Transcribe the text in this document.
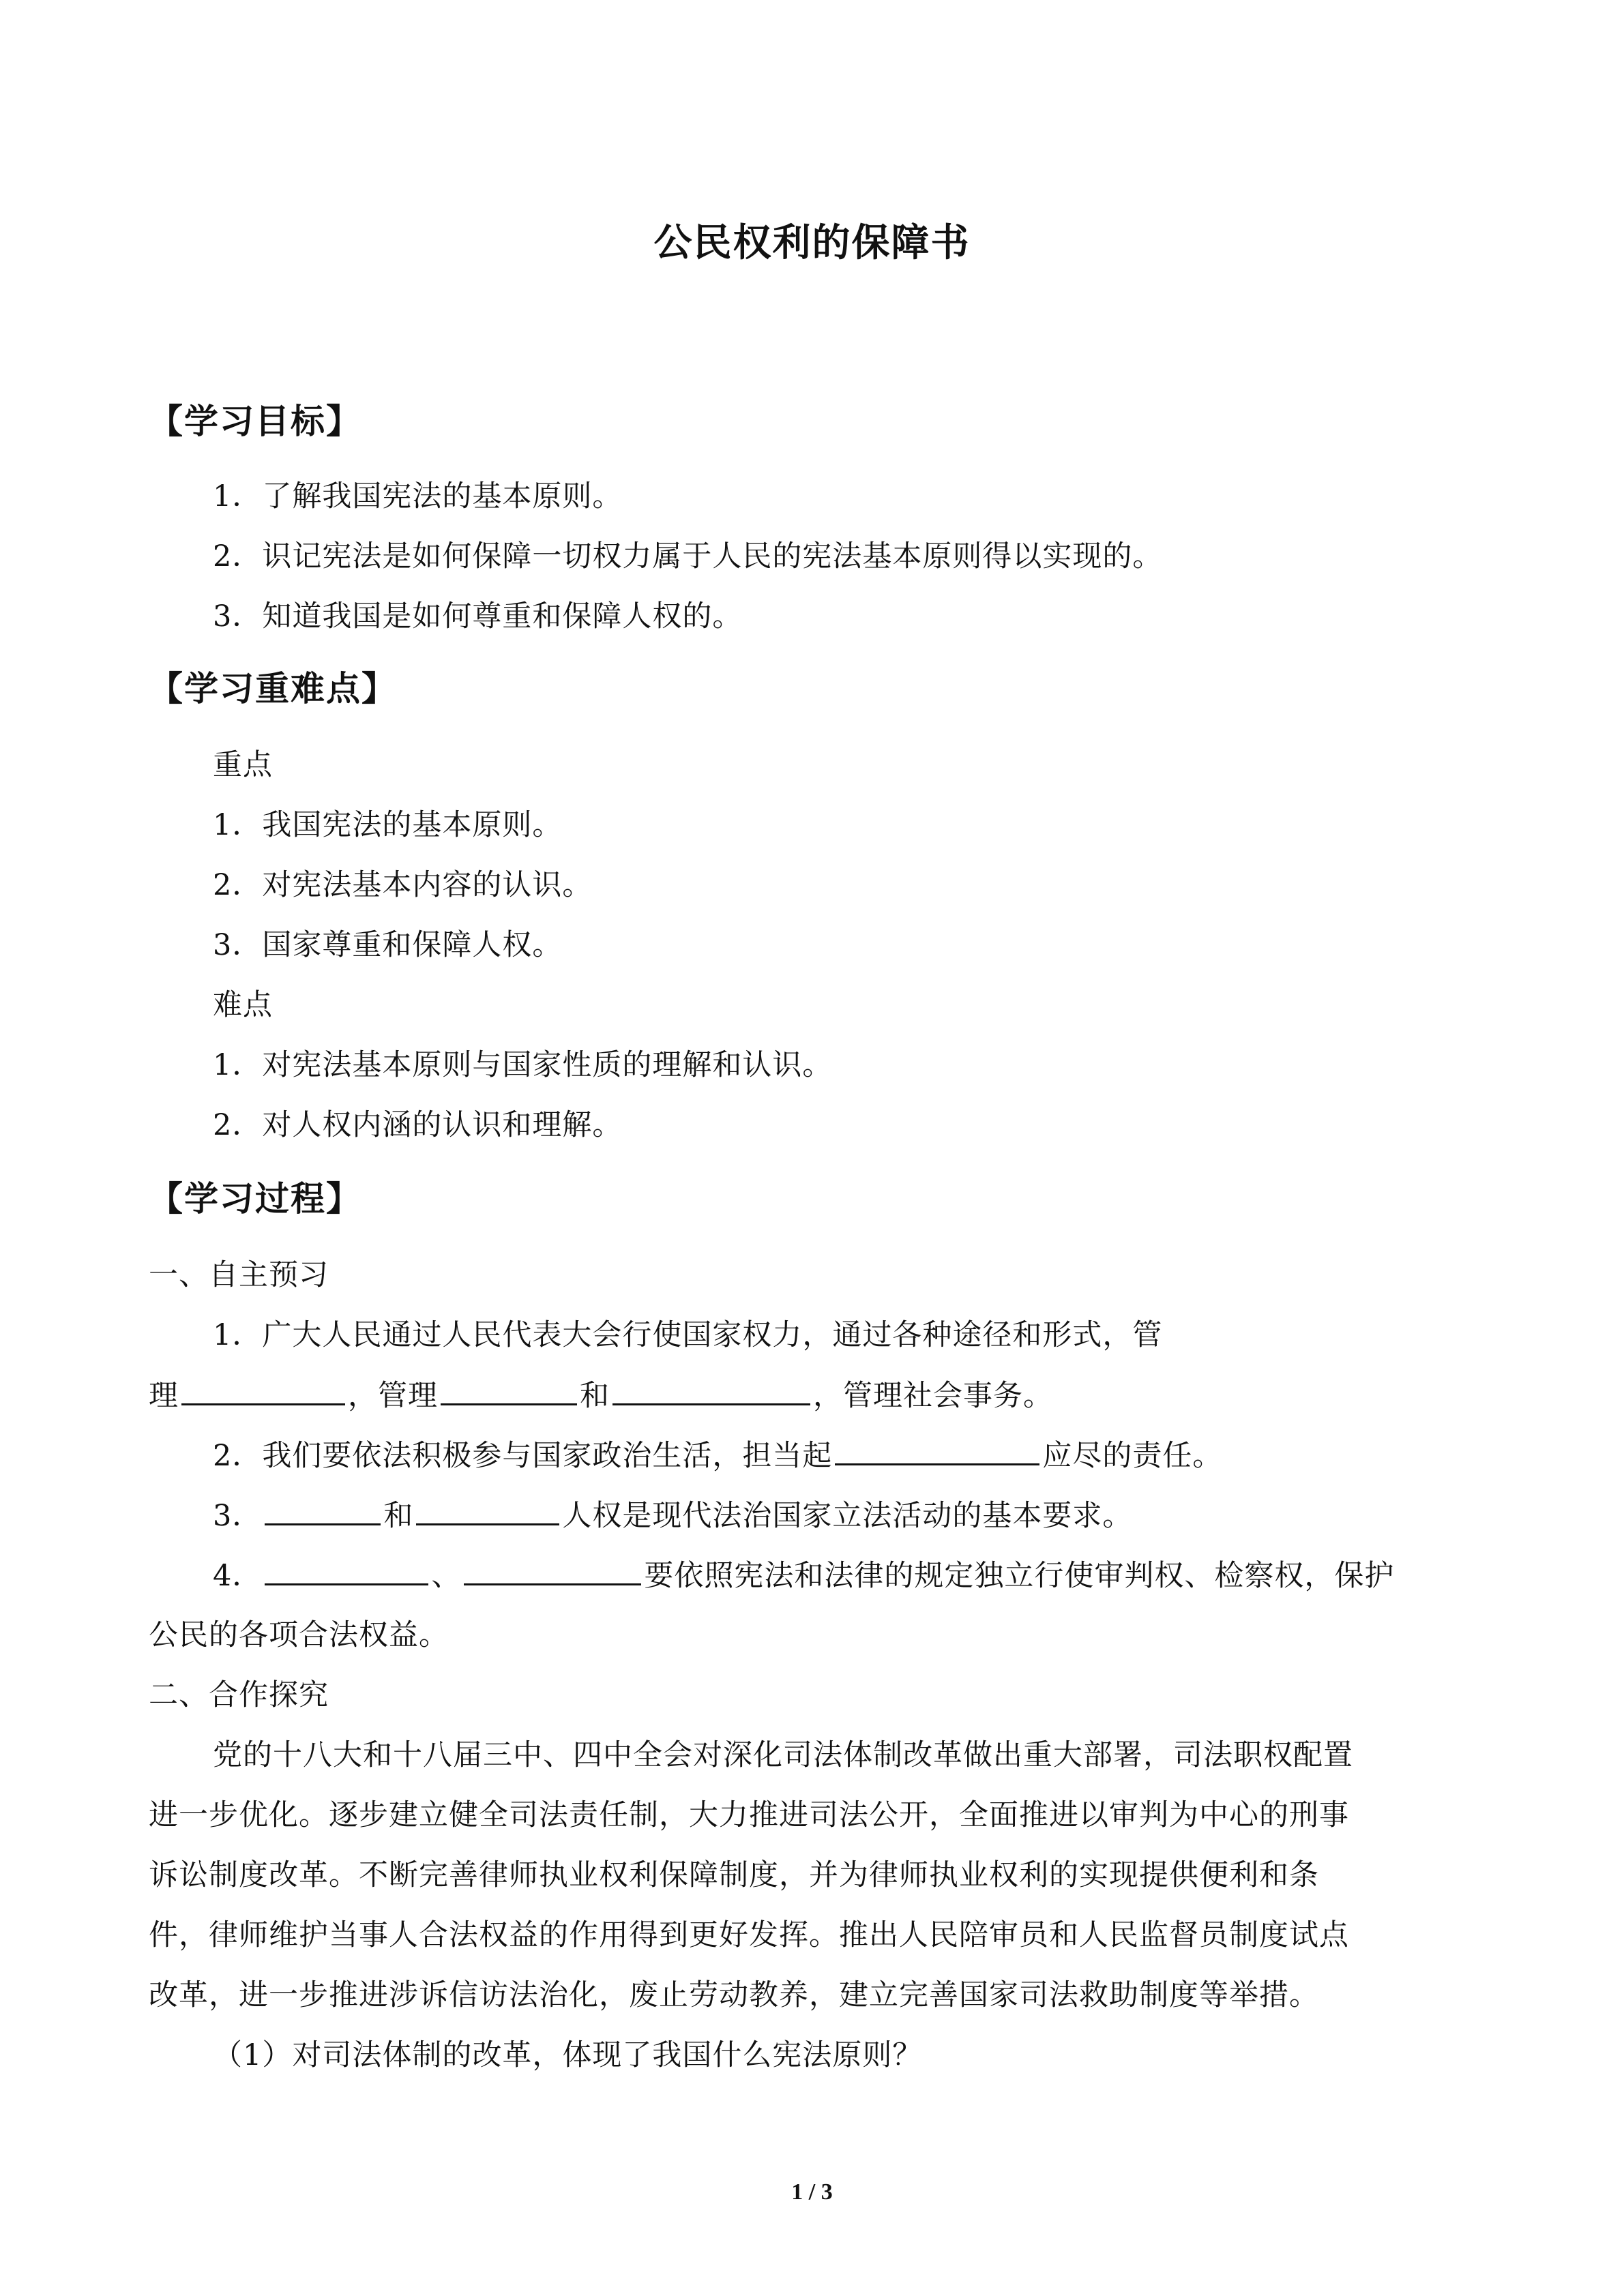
公民权利的保障书
【学习目标】
1．了解我国宪法的基本原则。
2．识记宪法是如何保障一切权力属于人民的宪法基本原则得以实现的。
3．知道我国是如何尊重和保障人权的。
【学习重难点】
重点
1．我国宪法的基本原则。
2．对宪法基本内容的认识。
3．国家尊重和保障人权。
难点
1．对宪法基本原则与国家性质的理解和认识。
2．对人权内涵的认识和理解。
【学习过程】
一、自主预习
1．广大人民通过人民代表大会行使国家权力，通过各种途径和形式，管
理	，管理	和	，管理社会事务。
2．我们要依法积极参与国家政治生活，担当起	应尽的责任。
3．	和	人权是现代法治国家立法活动的基本要求。
4．	、	要依照宪法和法律的规定独立行使审判权、检察权，保护
公民的各项合法权益。
二、合作探究
党的十八大和十八届三中、四中全会对深化司法体制改革做出重大部署，司法职权配置
进一步优化。逐步建立健全司法责任制，大力推进司法公开，全面推进以审判为中心的刑事
诉讼制度改革。不断完善律师执业权利保障制度，并为律师执业权利的实现提供便利和条
件，律师维护当事人合法权益的作用得到更好发挥。推出人民陪审员和人民监督员制度试点
改革，进一步推进涉诉信访法治化，废止劳动教养，建立完善国家司法救助制度等举措。
（1）对司法体制的改革，体现了我国什么宪法原则？
1 / 3
